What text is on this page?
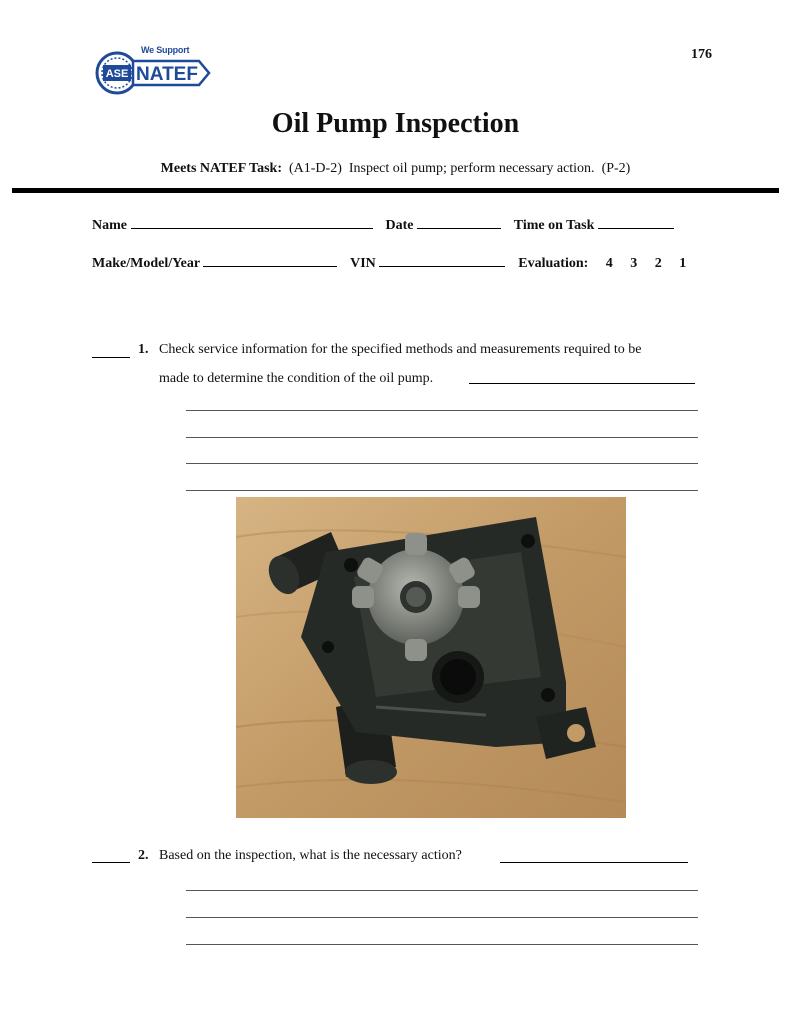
176
ASE NATEF
We Support
Oil Pump Inspection
Meets NATEF Task: (A1-D-2) Inspect oil pump; perform necessary action. (P-2)
Name	Date	Time on Task
Make/Model/Year	VIN	Evaluation: 4 3 2 1
1. Check service information for the specified methods and measurements required to be
made to determine the condition of the oil pump.
2. Based on the inspection, what is the necessary action?
